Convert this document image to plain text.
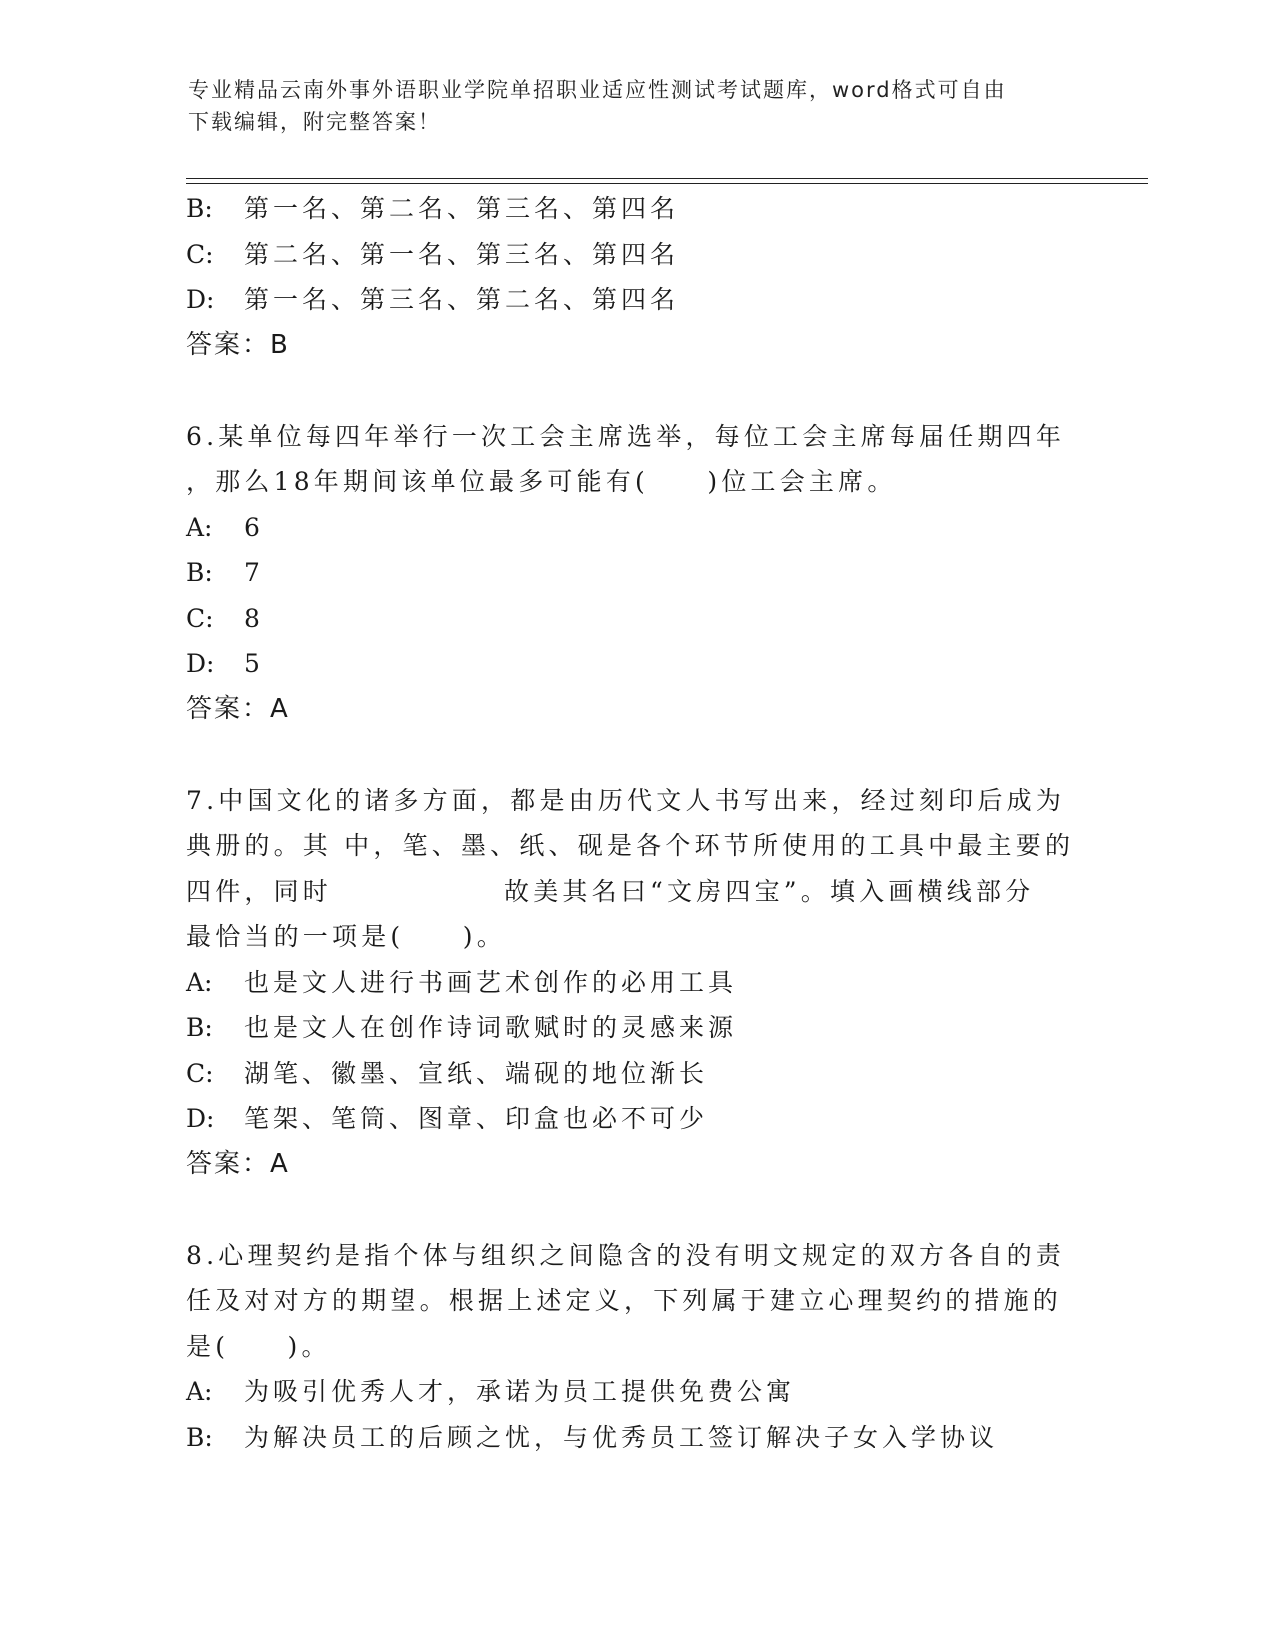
专业精品云南外事外语职业学院单招职业适应性测试考试题库，word格式可自由
下载编辑，附完整答案！
B: 第一名、第二名、第三名、第四名
C: 第二名、第一名、第三名、第四名
D: 第一名、第三名、第二名、第四名
答案：B
6.某单位每四年举行一次工会主席选举，每位工会主席每届任期四年
，那么18年期间该单位最多可能有(　　)位工会主席。
A: 6
B: 7
C: 8
D: 5
答案：A
7.中国文化的诸多方面，都是由历代文人书写出来，经过刻印后成为
典册的。其 中，笔、墨、纸、砚是各个环节所使用的工具中最主要的
四件，同时	故美其名曰“文房四宝”。填入画横线部分
最恰当的一项是(　　)。
A: 也是文人进行书画艺术创作的必用工具
B: 也是文人在创作诗词歌赋时的灵感来源
C: 湖笔、徽墨、宣纸、端砚的地位渐长
D: 笔架、笔筒、图章、印盒也必不可少
答案：A
8.心理契约是指个体与组织之间隐含的没有明文规定的双方各自的责
任及对对方的期望。根据上述定义，下列属于建立心理契约的措施的
是(　　)。
A: 为吸引优秀人才，承诺为员工提供免费公寓
B: 为解决员工的后顾之忧，与优秀员工签订解决子女入学协议
